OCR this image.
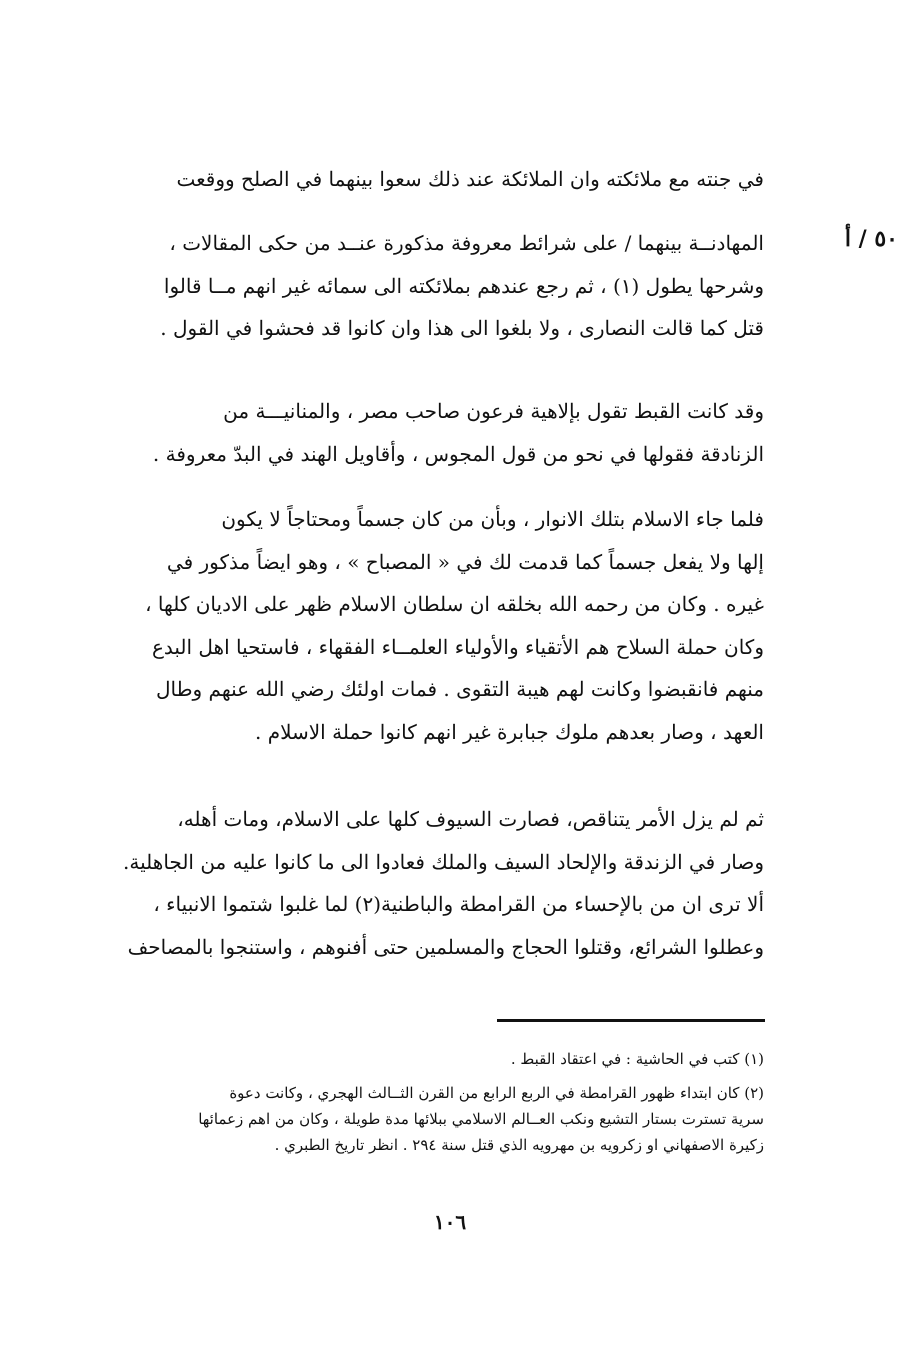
٥٠ / أ
في جنته مع ملائكته وان الملائكة عند ذلك سعوا بينهما في الصلح ووقعت
المهادنــة بينهما / على شرائط معروفة مذكورة عنــد من حكى المقالات ،
وشرحها يطول (١) ، ثم رجع عندهم بملائكته الى سمائه غير انهم مــا قالوا
قتل كما قالت النصارى ، ولا بلغوا الى هذا وان كانوا قد فحشوا في القول .
وقد كانت القبط تقول بإلاهية فرعون صاحب مصر ، والمنانيـــة من
الزنادقة فقولها في نحو من قول المجوس ، وأقاويل الهند في البدّ معروفة .
فلما جاء الاسلام بتلك الانوار ، وبأن من كان جسماً ومحتاجاً لا يكون
إلها ولا يفعل جسماً كما قدمت لك في « المصباح » ، وهو ايضاً مذكور في
غيره . وكان من رحمه الله بخلقه ان سلطان الاسلام ظهر على الاديان كلها ،
وكان حملة السلاح هم الأتقياء والأولياء العلمــاء الفقهاء ، فاستحيا اهل البدع
منهم فانقبضوا وكانت لهم هيبة التقوى . فمات اولئك رضي الله عنهم وطال
العهد ، وصار بعدهم ملوك جبابرة غير انهم كانوا حملة الاسلام .
ثم لم يزل الأمر يتناقص، فصارت السيوف كلها على الاسلام، ومات أهله،
وصار في الزندقة والإلحاد السيف والملك فعادوا الى ما كانوا عليه من الجاهلية.
ألا ترى ان من بالإحساء من القرامطة والباطنية(٢) لما غلبوا شتموا الانبياء ،
وعطلوا الشرائع، وقتلوا الحجاج والمسلمين حتى أفنوهم ، واستنجوا بالمصاحف
(١) كتب في الحاشية : في اعتقاد القبط .
(٢) كان ابتداء ظهور القرامطة في الربع الرابع من القرن الثــالث الهجري ، وكانت دعوة
سرية تسترت بستار التشيع ونكب العــالم الاسلامي ببلائها مدة طويلة ، وكان من اهم زعمائها
زكيرة الاصفهاني او زكرويه بن مهرويه الذي قتل سنة ٢٩٤ . انظر تاريخ الطبري .
١٠٦
